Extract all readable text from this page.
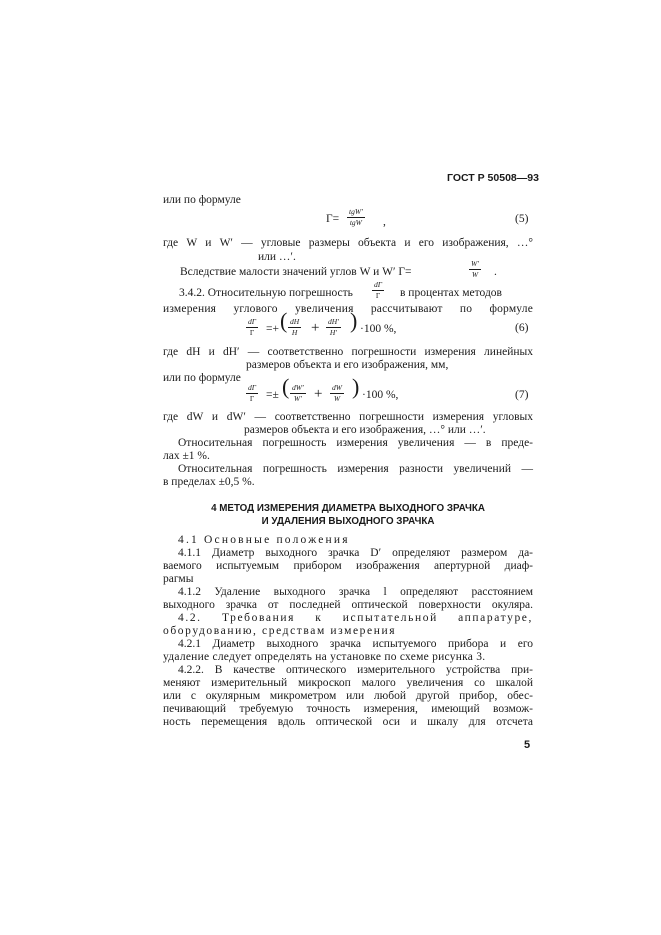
ГОСТ Р 50508—93
или по формуле
Г=
tgW′
tgW ,	(5)
где W и W′ — угловые размеры объекта и его изображения, …°
или …′.
Вследствие малости значений углов W и W′ Г=	$\frac{W'}{W}$ .
3.4.2. Относительную погрешность
dГ
Г в процентах методов
измерения углового увеличения рассчитывают по формуле
dГ
Г =+ ( $\frac{dH}{H} + \frac{dH'}{H'}$ ) ·100 %,	(6)
где dH и dH′ — соответственно погрешности измерения линейных
размеров объекта и его изображения, мм,
или по формуле
dГ
Г =± ( $\frac{dW'}{W'} + \frac{dW}{W}$ ) ·100 %,	(7)
где dW и dW′ — соответственно погрешности измерения угловых
размеров объекта и его изображения, …° или …′.
Относительная погрешность измерения увеличения — в преде-
лах ±1 %.
Относительная погрешность измерения разности увеличений —
в пределах ±0,5 %.
4 МЕТОД ИЗМЕРЕНИЯ ДИАМЕТРА ВЫХОДНОГО ЗРАЧКА
И УДАЛЕНИЯ ВЫХОДНОГО ЗРАЧКА
4.1 Основные положения
4.1.1 Диаметр выходного зрачка D′ определяют размером да-
ваемого испытуемым прибором изображения апертурной диаф-
рагмы
4.1.2 Удаление выходного зрачка l определяют расстоянием
выходного зрачка от последней оптической поверхности окуляра.
4.2. Требования к испытательной аппаратуре,
оборудованию, средствам измерения
4.2.1 Диаметр выходного зрачка испытуемого прибора и его
удаление следует определять на установке по схеме рисунка 3.
4.2.2. В качестве оптического измерительного устройства при-
меняют измерительный микроскоп малого увеличения со шкалой
или с окулярным микрометром или любой другой прибор, обес-
печивающий требуемую точность измерения, имеющий возмож-
ность перемещения вдоль оптической оси и шкалу для отсчета
5
